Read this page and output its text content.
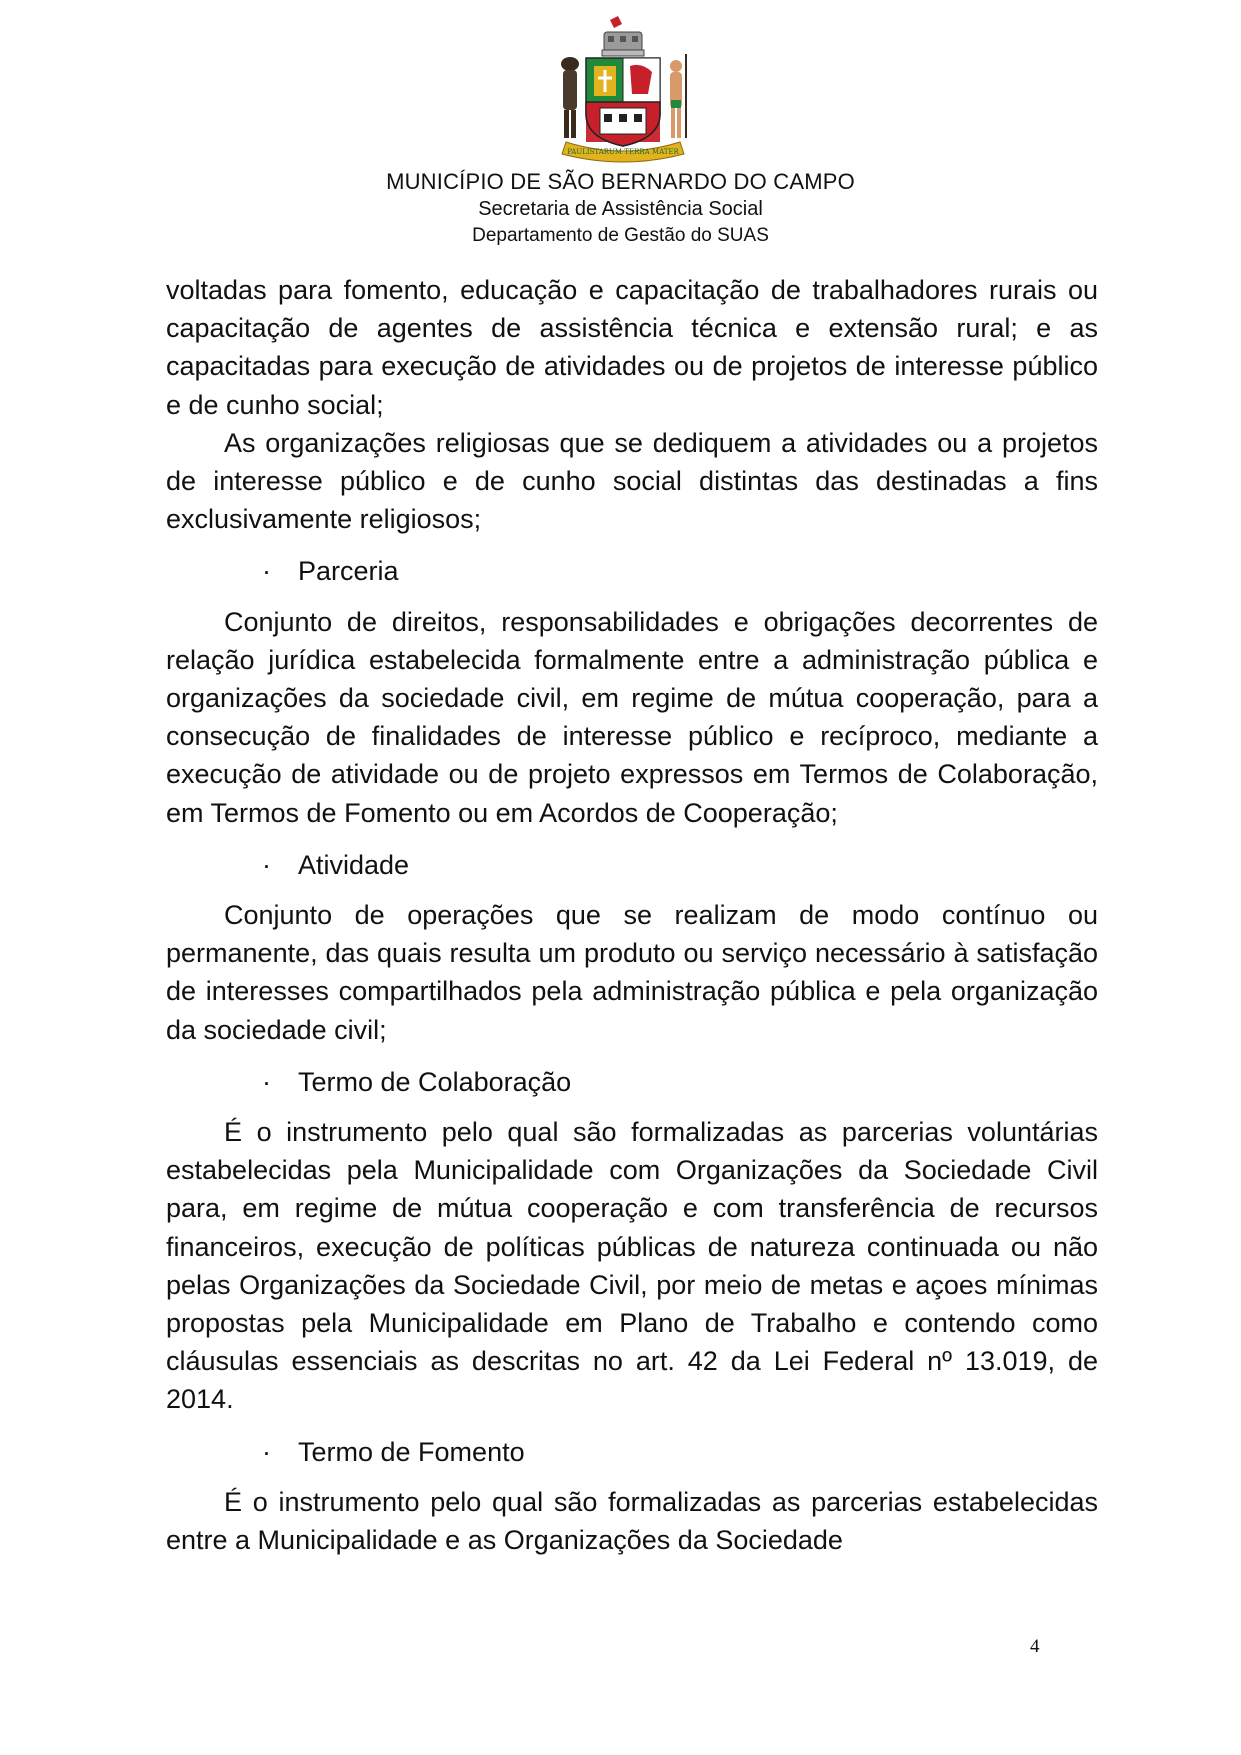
PAULISTARUM TERRA MATER
MUNICÍPIO DE SÃO BERNARDO DO CAMPO
Secretaria de Assistência Social
Departamento de Gestão do SUAS

voltadas para fomento, educação e capacitação de trabalhadores rurais ou capacitação de agentes de assistência técnica e extensão rural; e as capacitadas para execução de atividades ou de projetos de interesse público e de cunho social;

As organizações religiosas que se dediquem a atividades ou a projetos de interesse público e de cunho social distintas das destinadas a fins exclusivamente religiosos;

· Parceria

Conjunto de direitos, responsabilidades e obrigações decorrentes de relação jurídica estabelecida formalmente entre a administração pública e organizações da sociedade civil, em regime de mútua cooperação, para a consecução de finalidades de interesse público e recíproco, mediante a execução de atividade ou de projeto expressos em Termos de Colaboração, em Termos de Fomento ou em Acordos de Cooperação;

· Atividade

Conjunto de operações que se realizam de modo contínuo ou permanente, das quais resulta um produto ou serviço necessário à satisfação de interesses compartilhados pela administração pública e pela organização da sociedade civil;

· Termo de Colaboração

É o instrumento pelo qual são formalizadas as parcerias voluntárias estabelecidas pela Municipalidade com Organizações da Sociedade Civil para, em regime de mútua cooperação e com transferência de recursos financeiros, execução de políticas públicas de natureza continuada ou não pelas Organizações da Sociedade Civil, por meio de metas e açoes mínimas propostas pela Municipalidade em Plano de Trabalho e contendo como cláusulas essenciais as descritas no art. 42 da Lei Federal nº 13.019, de 2014.

· Termo de Fomento

É o instrumento pelo qual são formalizadas as parcerias estabelecidas entre a Municipalidade e as Organizações da Sociedade

4
